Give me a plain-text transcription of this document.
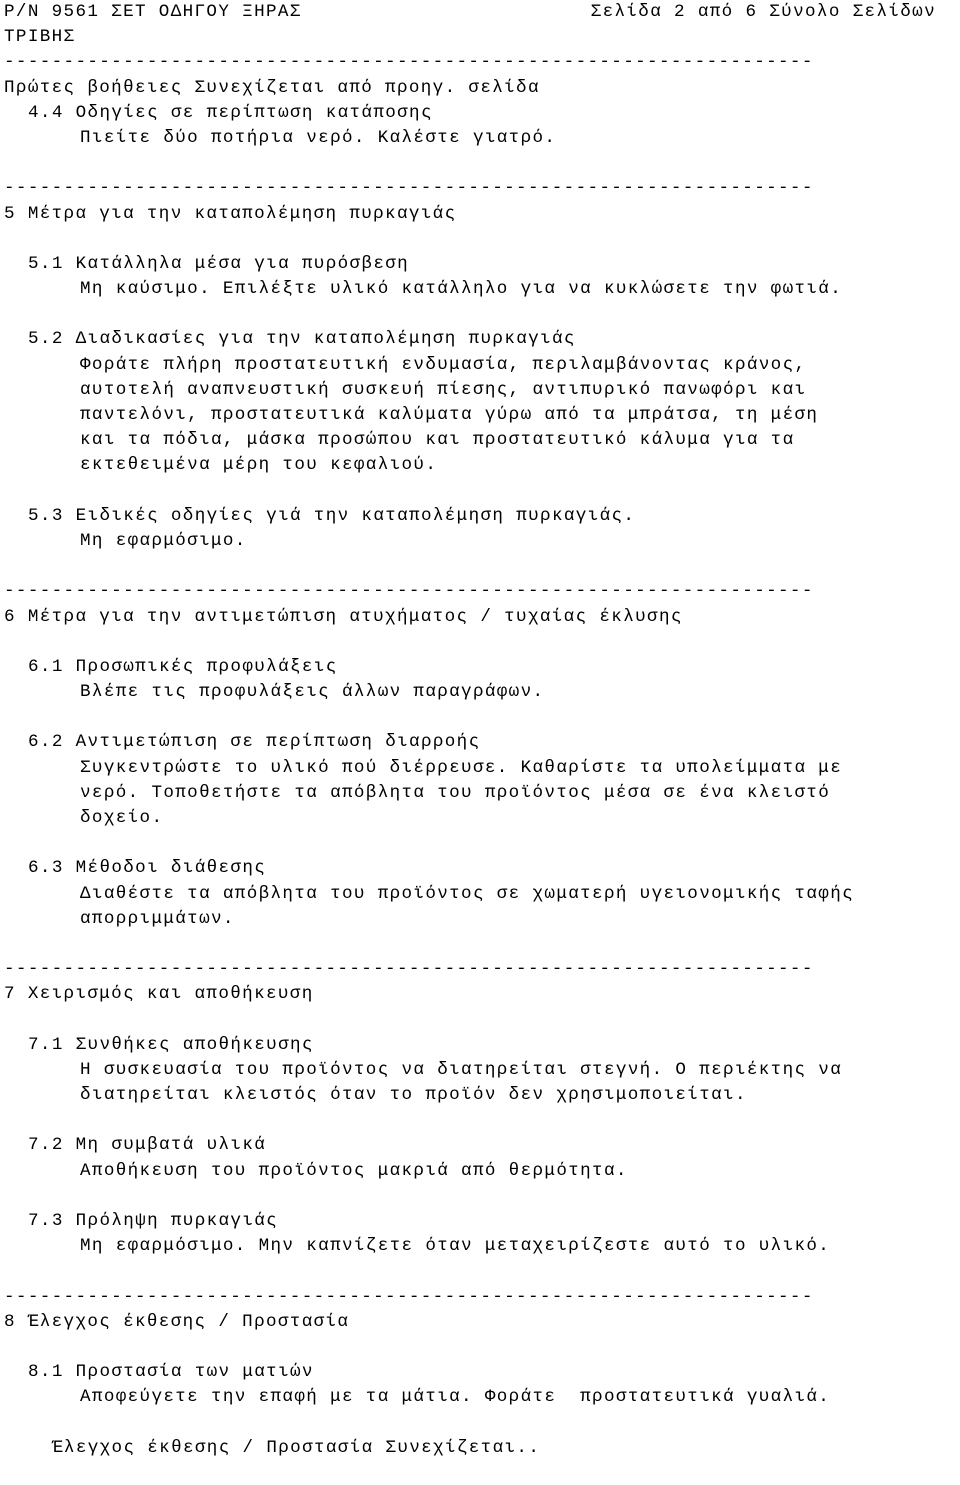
P/N 9561 ΣΕΤ ΟΔΗΓΟΥ ΞΗΡΑΣ
ΤΡΙΒΗΣ
Σελίδα 2 από 6 Σύνολο Σελίδων
--------------------------------------------------------------------
Πρώτες βοήθειες Συνεχίζεται από προηγ. σελίδα
4.4 Οδηγίες σε περίπτωση κατάποσης
Πιείτε δύο ποτήρια νερό. Καλέστε γιατρό.
--------------------------------------------------------------------
5 Μέτρα για την καταπολέμηση πυρκαγιάς
5.1 Κατάλληλα μέσα για πυρόσβεση
Μη καύσιμο. Επιλέξτε υλικό κατάλληλο για να κυκλώσετε την φωτιά.
5.2 Διαδικασίες για την καταπολέμηση πυρκαγιάς
Φοράτε πλήρη προστατευτική ενδυμασία, περιλαμβάνοντας κράνος,
αυτοτελή αναπνευστική συσκευή πίεσης, αντιπυρικό πανωφόρι και
παντελόνι, προστατευτικά καλύματα γύρω από τα μπράτσα, τη μέση
και τα πόδια, μάσκα προσώπου και προστατευτικό κάλυμα για τα
εκτεθειμένα μέρη του κεφαλιού.
5.3 Ειδικές οδηγίες γιά την καταπολέμηση πυρκαγιάς.
Μη εφαρμόσιμο.
--------------------------------------------------------------------
6 Μέτρα για την αντιμετώπιση ατυχήματος / τυχαίας έκλυσης
6.1 Προσωπικές προφυλάξεις
Βλέπε τις προφυλάξεις άλλων παραγράφων.
6.2 Αντιμετώπιση σε περίπτωση διαρροής
Συγκεντρώστε το υλικό πού διέρρευσε. Καθαρίστε τα υπολείμματα με
νερό. Τοποθετήστε τα απόβλητα του προϊόντος μέσα σε ένα κλειστό
δοχείο.
6.3 Μέθοδοι διάθεσης
Διαθέστε τα απόβλητα του προϊόντος σε χωματερή υγειονομικής ταφής
απορριμμάτων.
--------------------------------------------------------------------
7 Χειρισμός και αποθήκευση
7.1 Συνθήκες αποθήκευσης
Η συσκευασία του προϊόντος να διατηρείται στεγνή. Ο περιέκτης να
διατηρείται κλειστός όταν το προϊόν δεν χρησιμοποιείται.
7.2 Μη συμβατά υλικά
Αποθήκευση του προϊόντος μακριά από θερμότητα.
7.3 Πρόληψη πυρκαγιάς
Μη εφαρμόσιμο. Μην καπνίζετε όταν μεταχειρίζεστε αυτό το υλικό.
--------------------------------------------------------------------
8 Έλεγχος έκθεσης / Προστασία
8.1 Προστασία των ματιών
Αποφεύγετε την επαφή με τα μάτια. Φοράτε  προστατευτικά γυαλιά.
Έλεγχος έκθεσης / Προστασία Συνεχίζεται..
